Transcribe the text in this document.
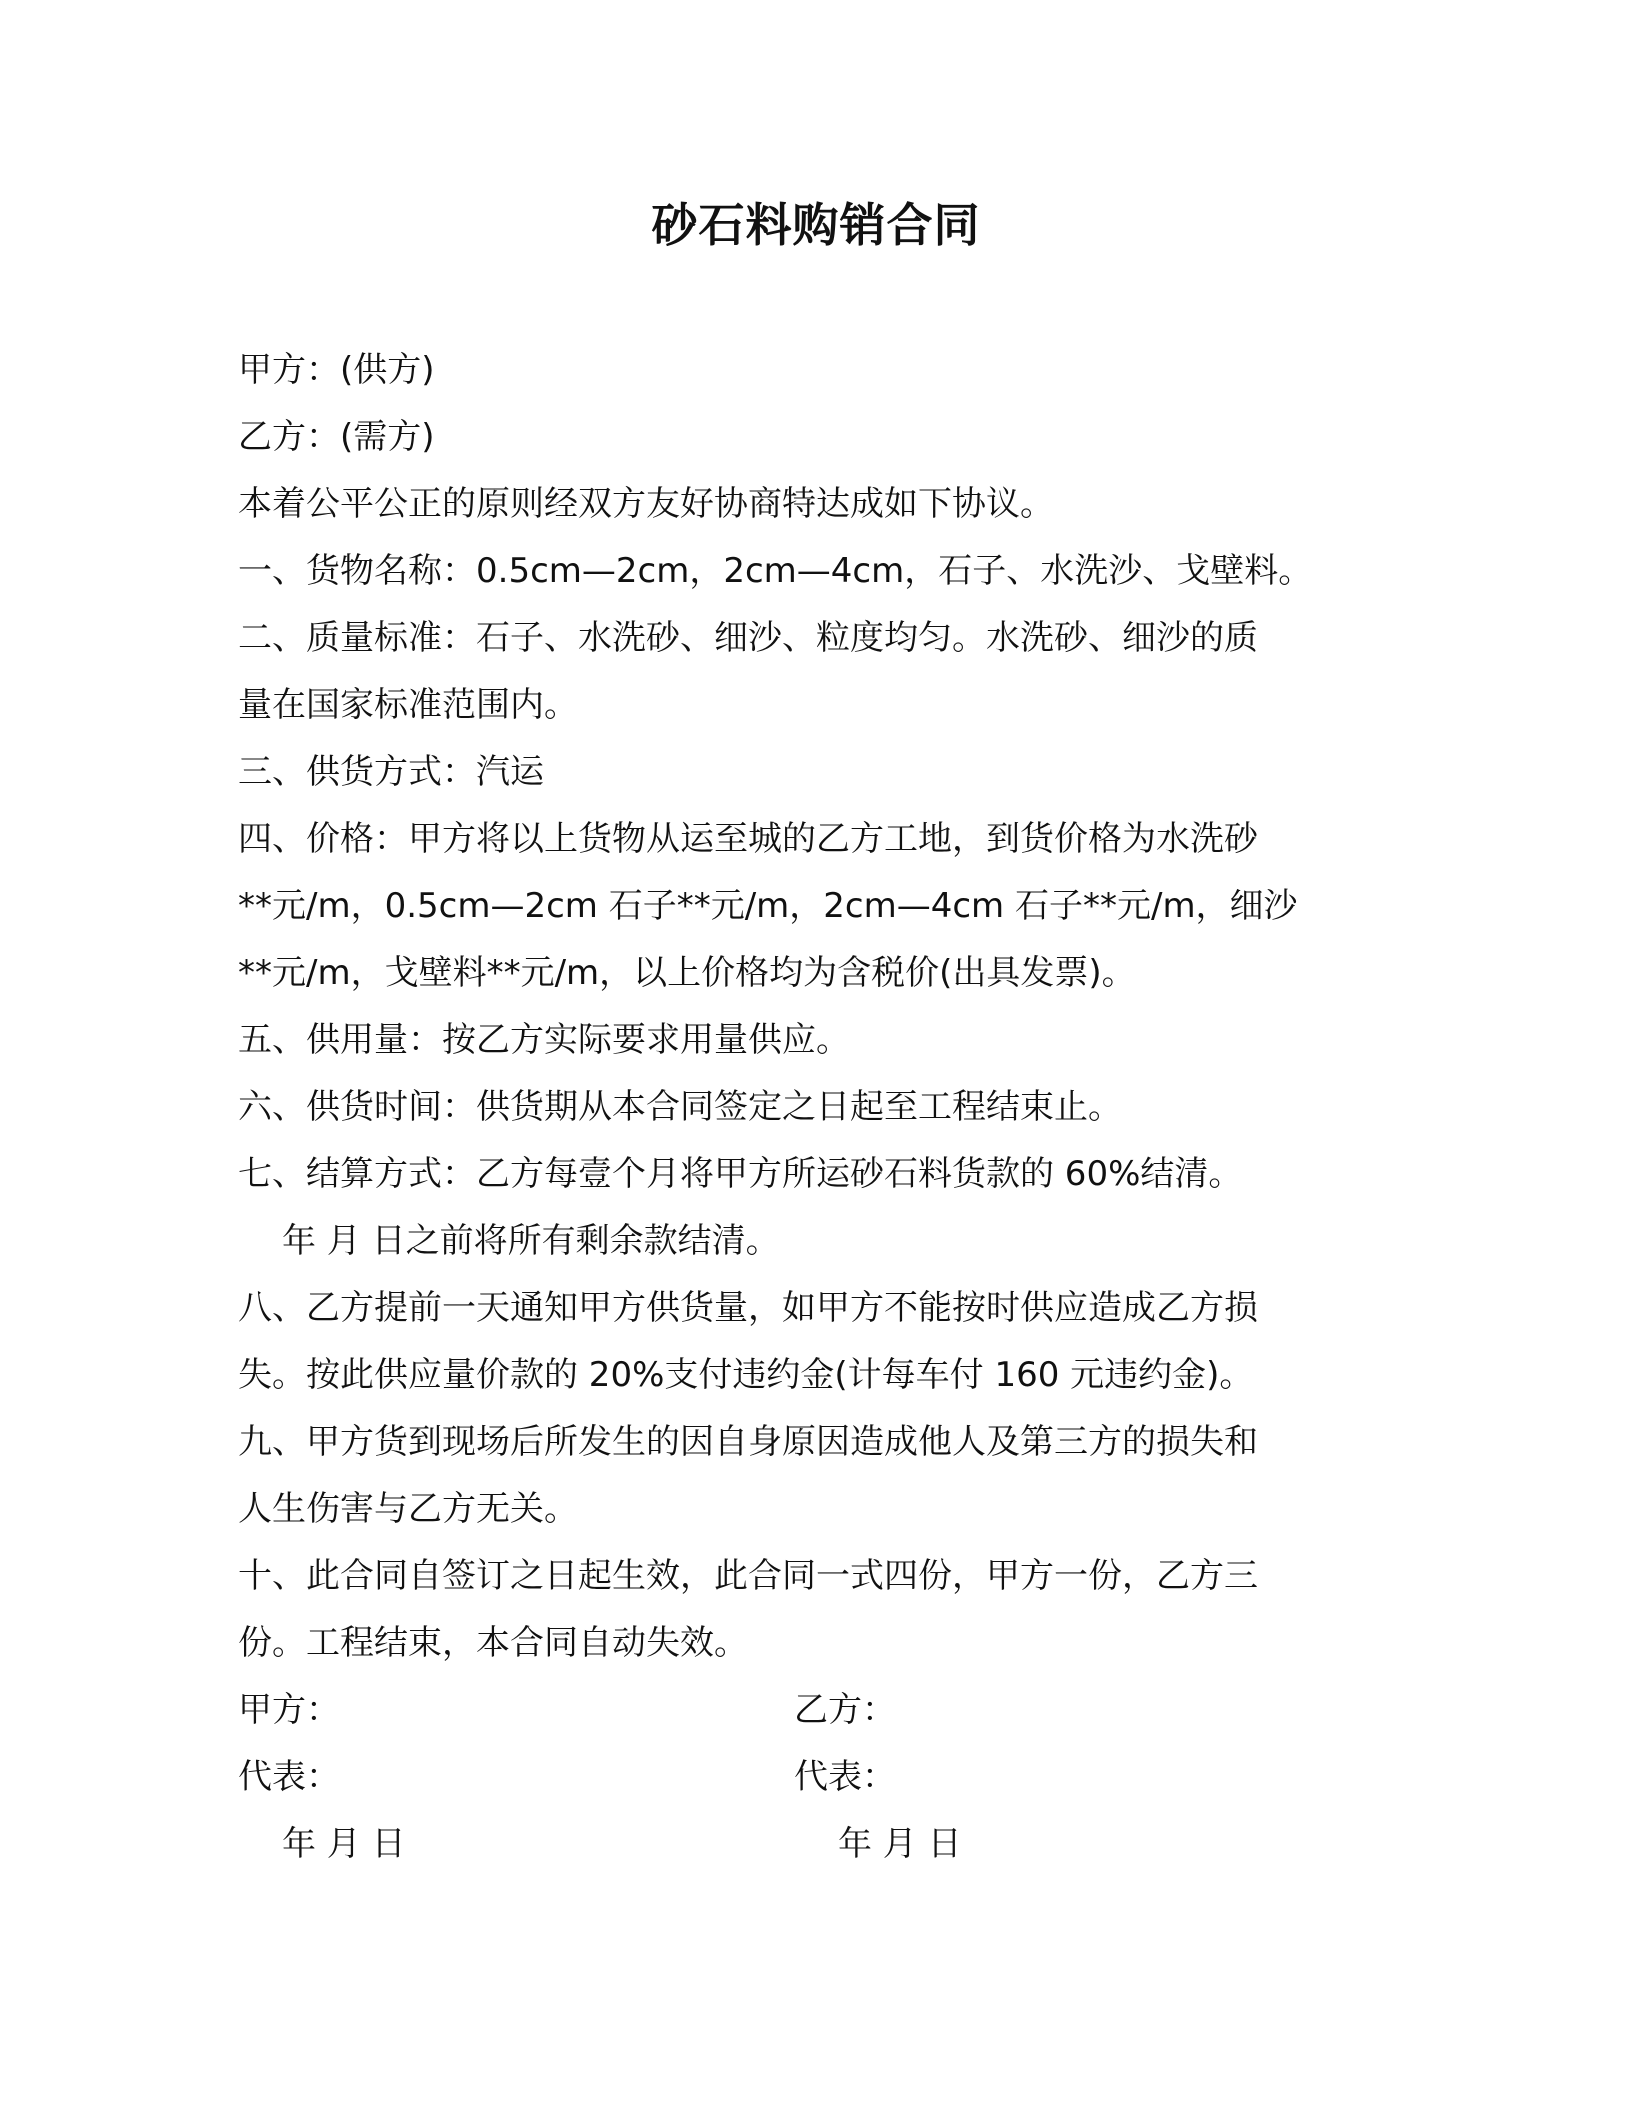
砂石料购销合同
甲方：(供方)
乙方：(需方)
本着公平公正的原则经双方友好协商特达成如下协议。
一、货物名称：0.5cm—2cm，2cm—4cm，石子、水洗沙、戈壁料。
二、质量标准：石子、水洗砂、细沙、粒度均匀。水洗砂、细沙的质
量在国家标准范围内。
三、供货方式：汽运
四、价格：甲方将以上货物从运至城的乙方工地，到货价格为水洗砂
**元/m，0.5cm—2cm 石子**元/m，2cm—4cm 石子**元/m，细沙
**元/m，戈壁料**元/m，以上价格均为含税价(出具发票)。
五、供用量：按乙方实际要求用量供应。
六、供货时间：供货期从本合同签定之日起至工程结束止。
七、结算方式：乙方每壹个月将甲方所运砂石料货款的 60%结清。
年 月 日之前将所有剩余款结清。
八、乙方提前一天通知甲方供货量，如甲方不能按时供应造成乙方损
失。按此供应量价款的 20%支付违约金(计每车付 160 元违约金)。
九、甲方货到现场后所发生的因自身原因造成他人及第三方的损失和
人生伤害与乙方无关。
十、此合同自签订之日起生效，此合同一式四份，甲方一份，乙方三
份。工程结束，本合同自动失效。
甲方：	乙方：
代表：	代表：
年 月 日	年 月 日
